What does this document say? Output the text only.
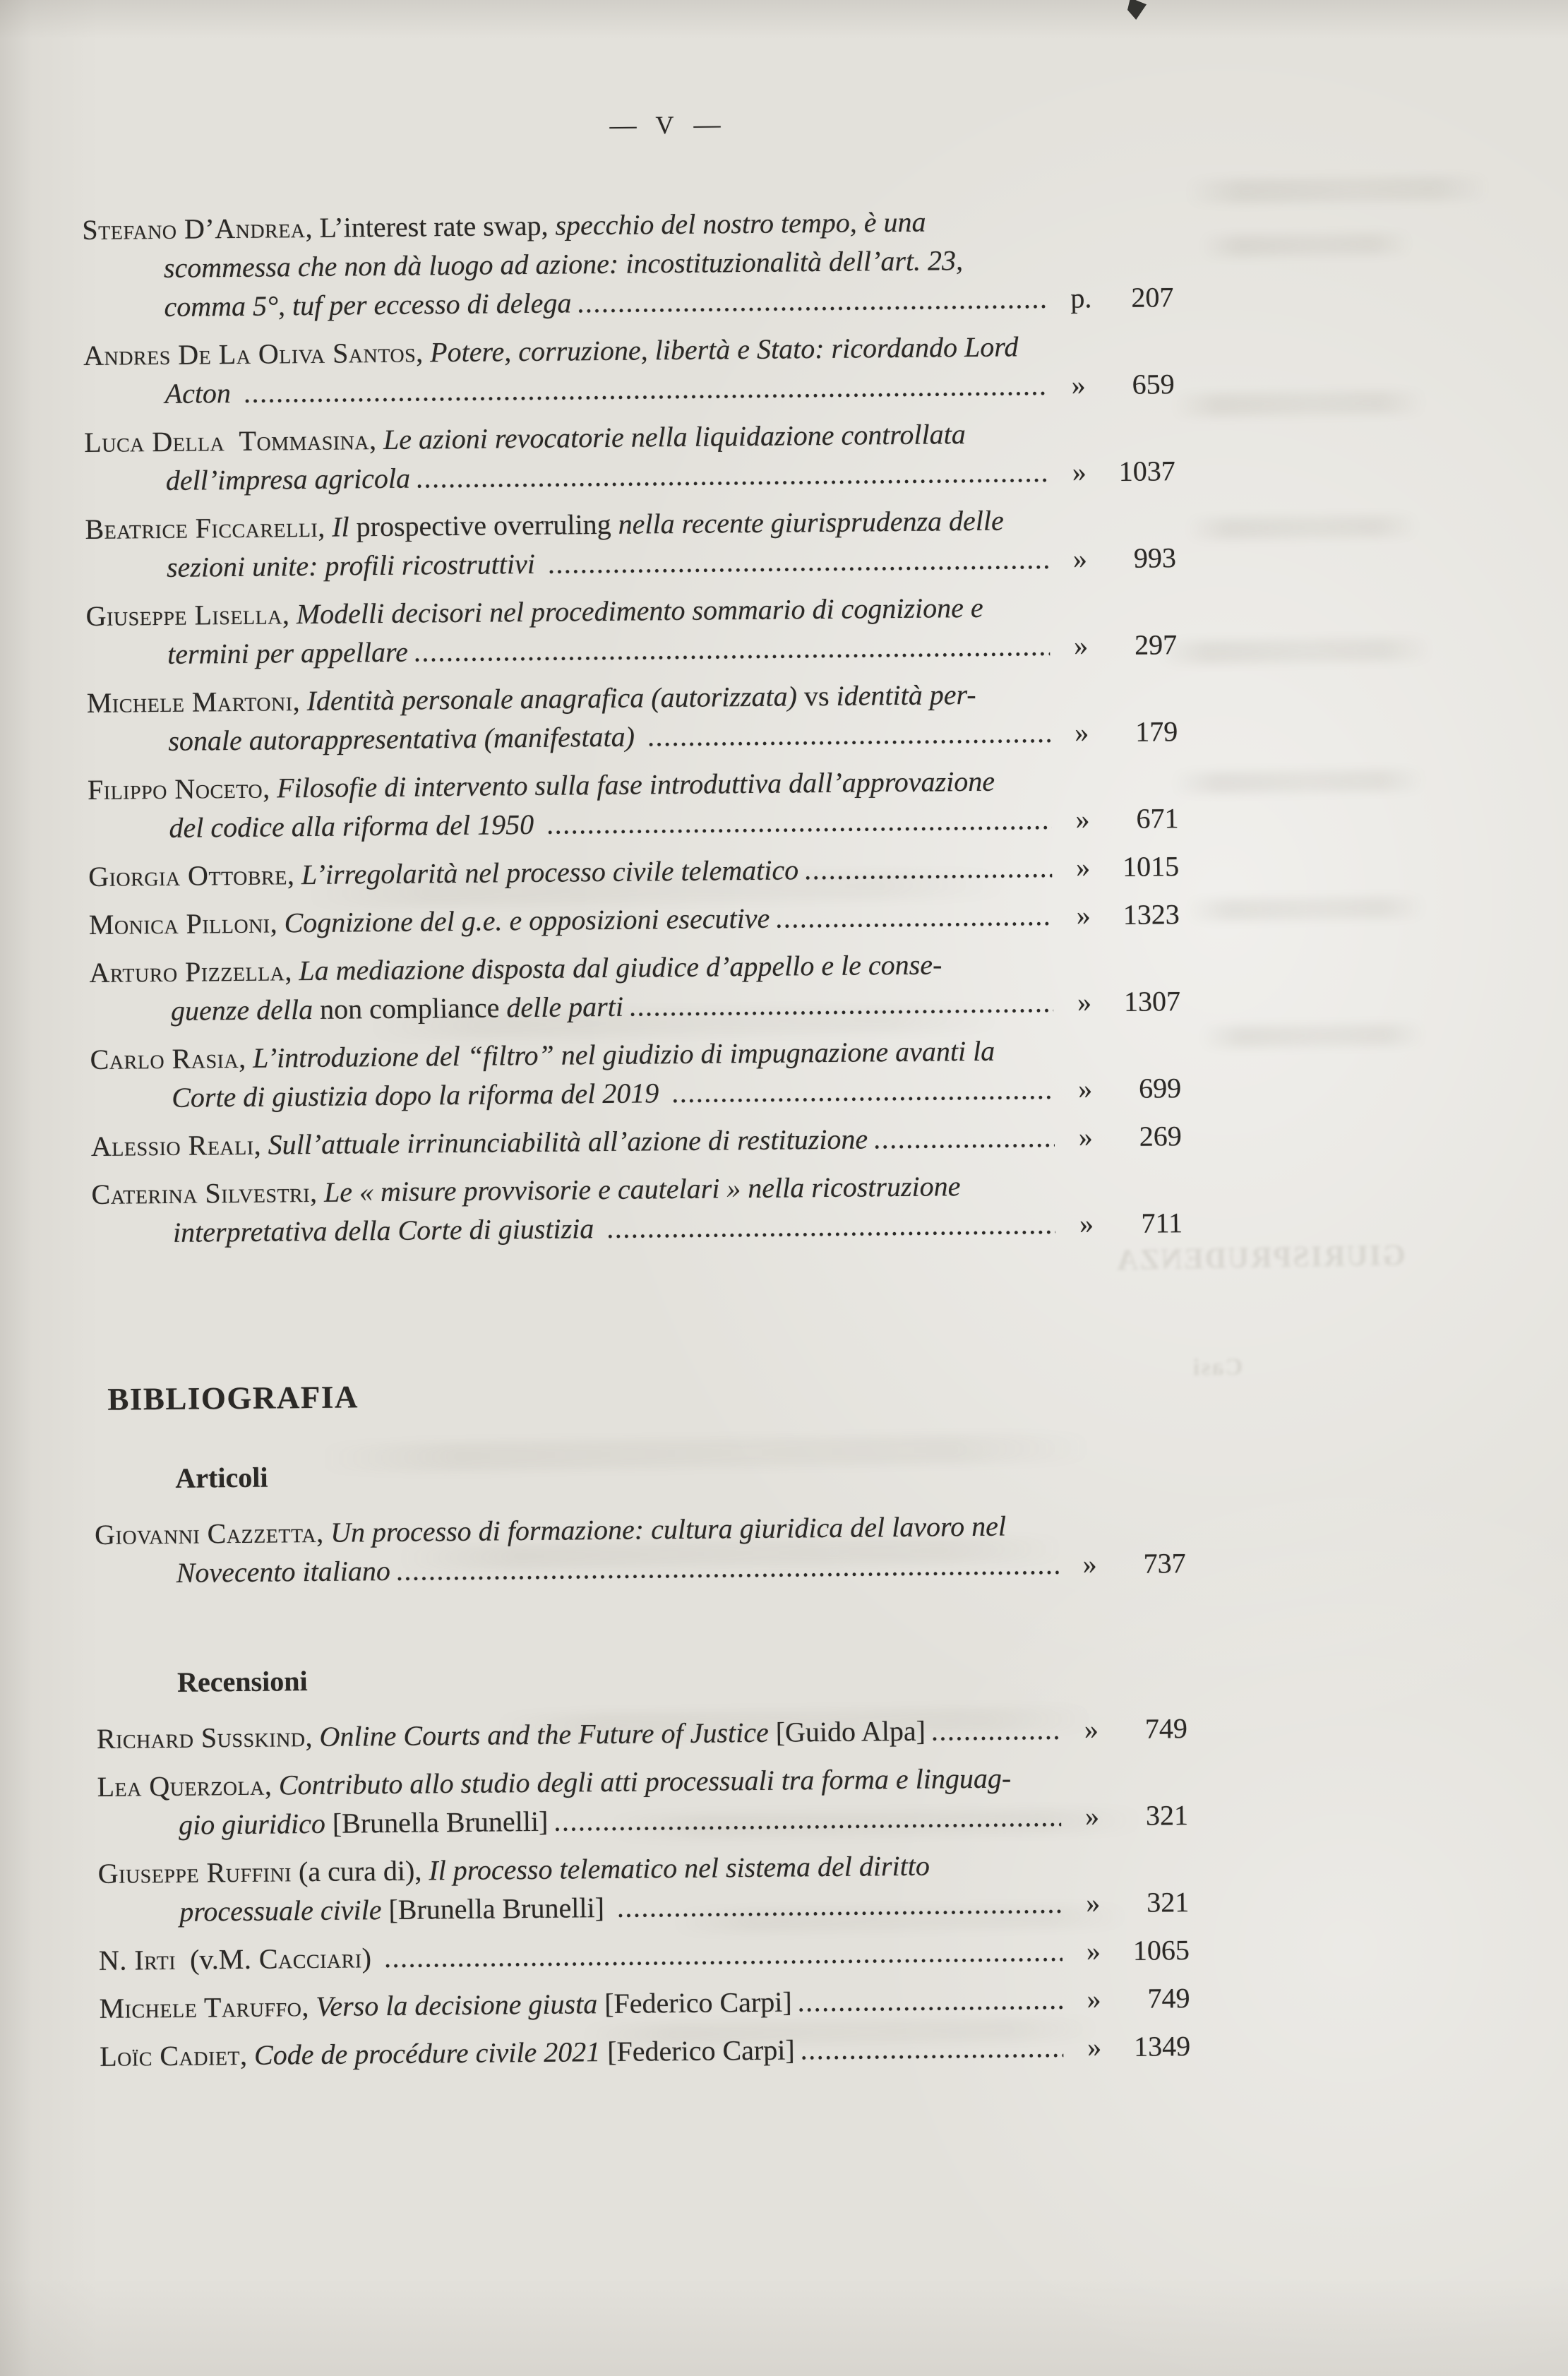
GIURISPRUDENZA
Casi
— V —
Stefano D’Andrea, L’interest rate swap, specchio del nostro tempo, è una
scommessa che non dà luogo ad azione: incostituzionalità dell’art. 23,
comma 5°, tuf per eccesso di delega .....	p.	207
Andres De La Oliva Santos, Potere, corruzione, libertà e Stato: ricordando Lord
Acton .....	»	659
Luca Della  Tommasina, Le azioni revocatorie nella liquidazione controllata
dell’impresa agricola .....	»	1037
Beatrice Ficcarelli, Il prospective overruling nella recente giurisprudenza delle
sezioni unite: profili ricostruttivi .....	»	993
Giuseppe Lisella, Modelli decisori nel procedimento sommario di cognizione e
termini per appellare .....	»	297
Michele Martoni, Identità personale anagrafica (autorizzata) vs identità per-
sonale autorappresentativa (manifestata) .....	»	179
Filippo Noceto, Filosofie di intervento sulla fase introduttiva dall’approvazione
del codice alla riforma del 1950 .....	»	671
Giorgia Ottobre, L’irregolarità nel processo civile telematico .....	»	1015
Monica Pilloni, Cognizione del g.e. e opposizioni esecutive .....	»	1323
Arturo Pizzella, La mediazione disposta dal giudice d’appello e le conse-
guenze della non compliance delle parti .....	»	1307
Carlo Rasia, L’introduzione del “filtro” nel giudizio di impugnazione avanti la
Corte di giustizia dopo la riforma del 2019 .....	»	699
Alessio Reali, Sull’attuale irrinunciabilità all’azione di restituzione .....	»	269
Caterina Silvestri, Le « misure provvisorie e cautelari » nella ricostruzione
interpretativa della Corte di giustizia .....	»	711
BIBLIOGRAFIA
Articoli
Giovanni Cazzetta, Un processo di formazione: cultura giuridica del lavoro nel
Novecento italiano .....	»	737
Recensioni
Richard Susskind, Online Courts and the Future of Justice [Guido Alpa] .....	»	749
Lea Querzola, Contributo allo studio degli atti processuali tra forma e linguag-
gio giuridico [Brunella Brunelli] .....	»	321
Giuseppe Ruffini (a cura di), Il processo telematico nel sistema del diritto
processuale civile [Brunella Brunelli] .....	»	321
N. Irti  (v.M. Cacciari) .....	»	1065
Michele Taruffo, Verso la decisione giusta [Federico Carpi] .....	»	749
Loïc Cadiet, Code de procédure civile 2021 [Federico Carpi] .....	»	1349
